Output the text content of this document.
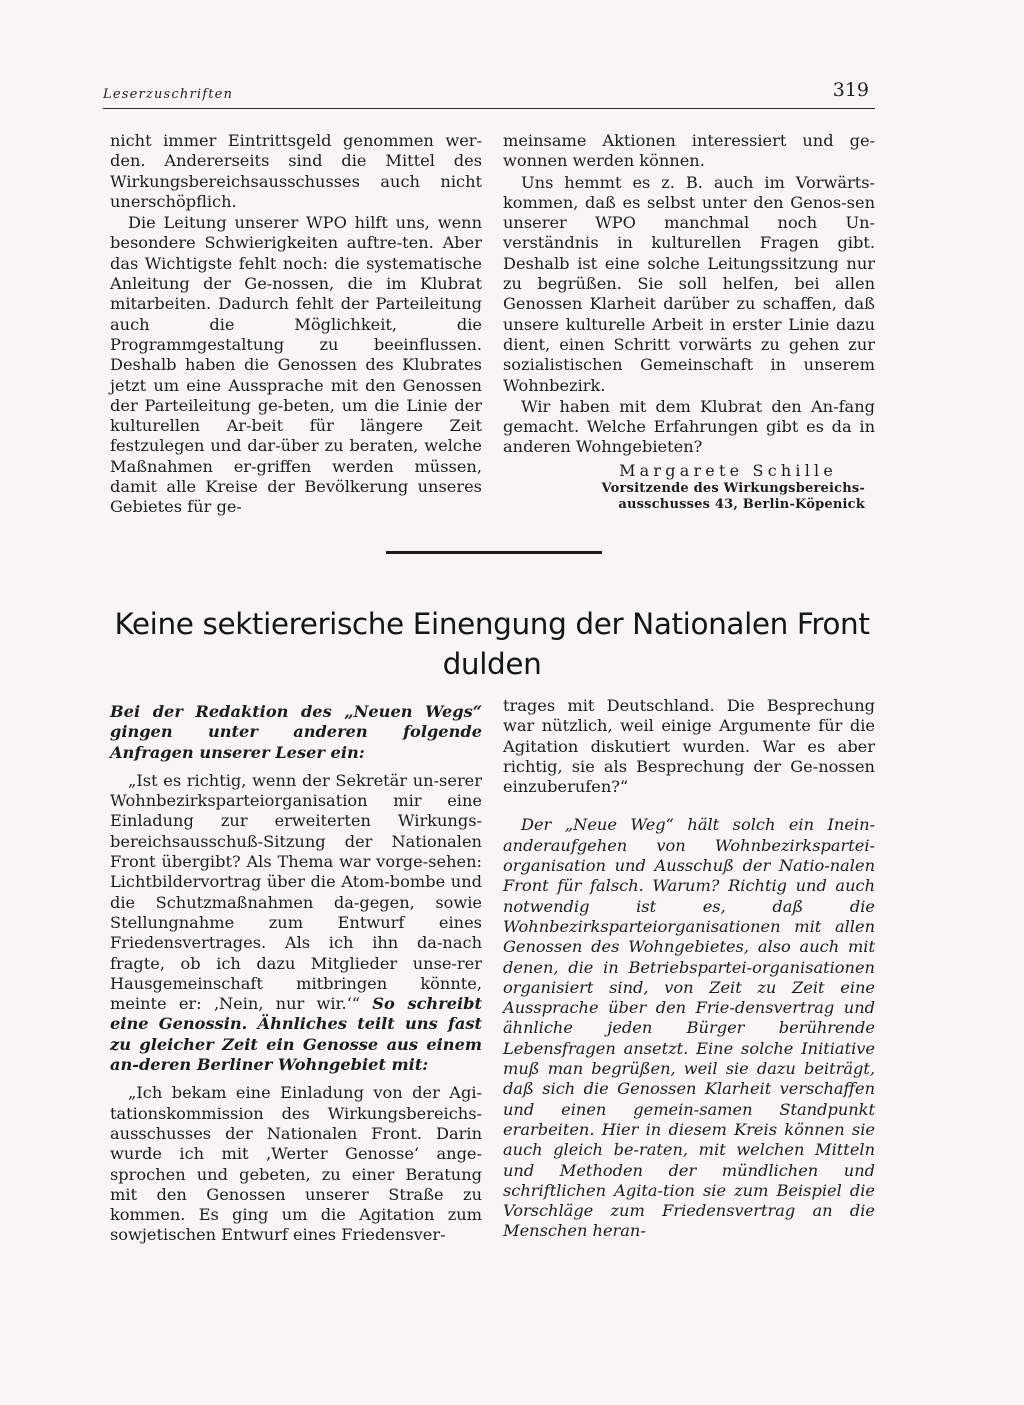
Leserzuschriften	319

nicht immer Eintrittsgeld genommen wer-den. Andererseits sind die Mittel des Wirkungsbereichsausschusses auch nicht unerschöpflich.

Die Leitung unserer WPO hilft uns, wenn besondere Schwierigkeiten auftre-ten. Aber das Wichtigste fehlt noch: die systematische Anleitung der Ge-nossen, die im Klubrat mitarbeiten. Dadurch fehlt der Parteileitung auch die Möglichkeit, die Programmgestaltung zu beeinflussen. Deshalb haben die Genossen des Klubrates jetzt um eine Aussprache mit den Genossen der Parteileitung ge-beten, um die Linie der kulturellen Ar-beit für längere Zeit festzulegen und dar-über zu beraten, welche Maßnahmen er-griffen werden müssen, damit alle Kreise der Bevölkerung unseres Gebietes für ge-

meinsame Aktionen interessiert und ge-wonnen werden können.

Uns hemmt es z. B. auch im Vorwärts-kommen, daß es selbst unter den Genos-sen unserer WPO manchmal noch Un-verständnis in kulturellen Fragen gibt. Deshalb ist eine solche Leitungssitzung nur zu begrüßen. Sie soll helfen, bei allen Genossen Klarheit darüber zu schaffen, daß unsere kulturelle Arbeit in erster Linie dazu dient, einen Schritt vorwärts zu gehen zur sozialistischen Gemeinschaft in unserem Wohnbezirk.

Wir haben mit dem Klubrat den An-fang gemacht. Welche Erfahrungen gibt es da in anderen Wohngebieten?

Margarete Schille
Vorsitzende des Wirkungsbereichs-
ausschusses 43, Berlin-Köpenick
Keine sektiererische Einengung der Nationalen Front dulden

Bei der Redaktion des „Neuen Wegs“ gingen unter anderen folgende Anfragen unserer Leser ein:

„Ist es richtig, wenn der Sekretär un-serer Wohnbezirksparteiorganisation mir eine Einladung zur erweiterten Wirkungs-bereichsausschuß-Sitzung der Nationalen Front übergibt? Als Thema war vorge-sehen: Lichtbildervortrag über die Atom-bombe und die Schutzmaßnahmen da-gegen, sowie Stellungnahme zum Entwurf eines Friedensvertrages. Als ich ihn da-nach fragte, ob ich dazu Mitglieder unse-rer Hausgemeinschaft mitbringen könnte, meinte er: ‚Nein, nur wir.‘“ So schreibt eine Genossin. Ähnliches teilt uns fast zu gleicher Zeit ein Genosse aus einem an-deren Berliner Wohngebiet mit:

„Ich bekam eine Einladung von der Agi-tationskommission des Wirkungsbereichs-ausschusses der Nationalen Front. Darin wurde ich mit ‚Werter Genosse‘ ange-sprochen und gebeten, zu einer Beratung mit den Genossen unserer Straße zu kommen. Es ging um die Agitation zum sowjetischen Entwurf eines Friedensver-

trages mit Deutschland. Die Besprechung war nützlich, weil einige Argumente für die Agitation diskutiert wurden. War es aber richtig, sie als Besprechung der Ge-nossen einzuberufen?“

Der „Neue Weg“ hält solch ein Inein-anderaufgehen von Wohnbezirkspartei-organisation und Ausschuß der Natio-nalen Front für falsch. Warum? Richtig und auch notwendig ist es, daß die Wohnbezirksparteiorganisationen mit allen Genossen des Wohngebietes, also auch mit denen, die in Betriebspartei-organisationen organisiert sind, von Zeit zu Zeit eine Aussprache über den Frie-densvertrag und ähnliche jeden Bürger berührende Lebensfragen ansetzt. Eine solche Initiative muß man begrüßen, weil sie dazu beiträgt, daß sich die Genossen Klarheit verschaffen und einen gemein-samen Standpunkt erarbeiten. Hier in diesem Kreis können sie auch gleich be-raten, mit welchen Mitteln und Methoden der mündlichen und schriftlichen Agita-tion sie zum Beispiel die Vorschläge zum Friedensvertrag an die Menschen heran-
